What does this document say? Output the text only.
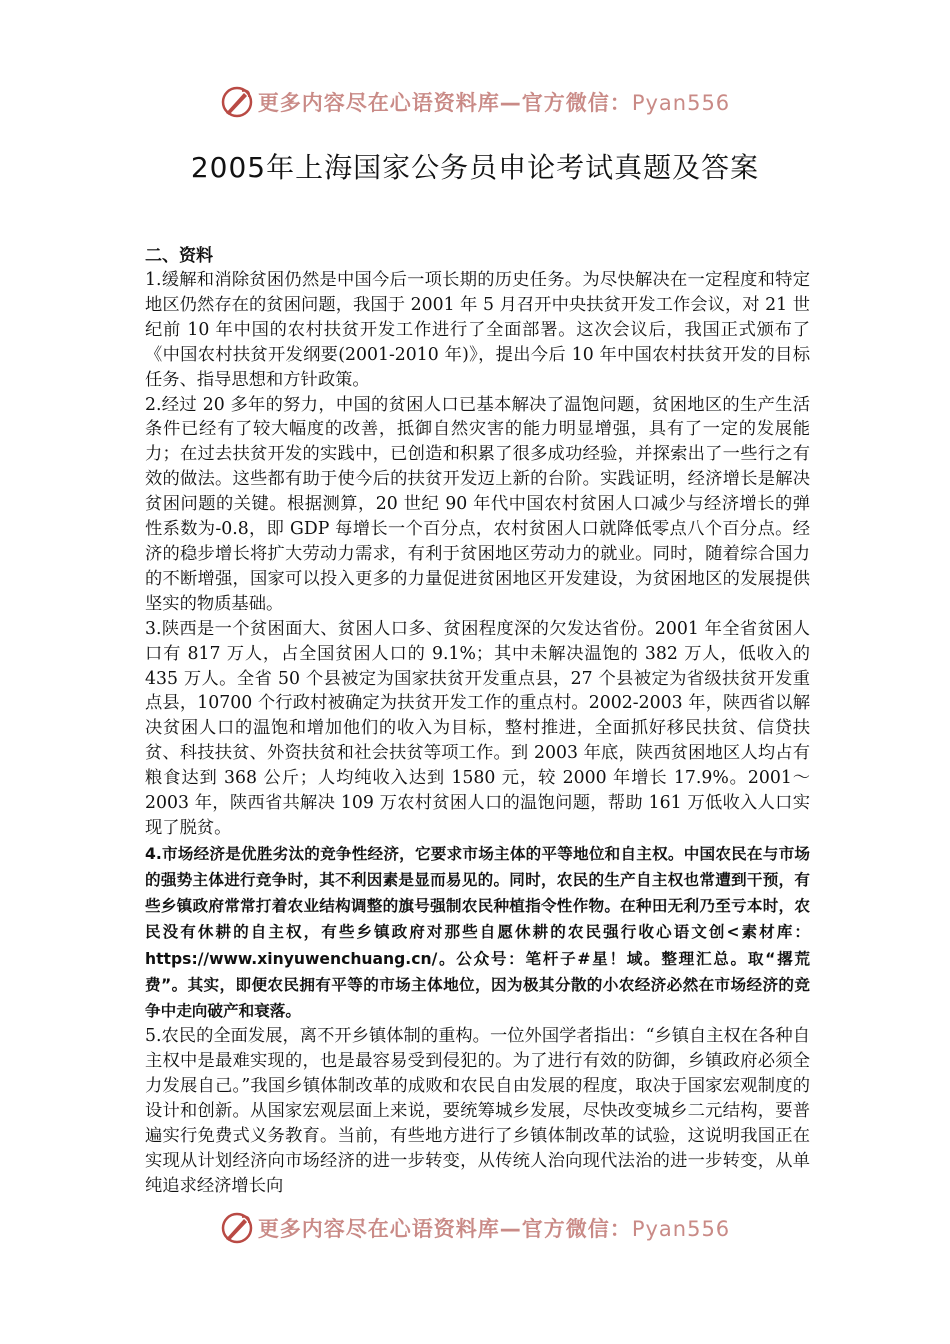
更多内容尽在心语资料库—官方微信：Pyan556
2005年上海国家公务员申论考试真题及答案

二、资料

1.缓解和消除贫困仍然是中国今后一项长期的历史任务。为尽快解决在一定程度和特定地区仍然存在的贫困问题，我国于 2001 年 5 月召开中央扶贫开发工作会议，对 21 世纪前 10 年中国的农村扶贫开发工作进行了全面部署。这次会议后，我国正式颁布了《中国农村扶贫开发纲要(2001-2010 年)》，提出今后 10 年中国农村扶贫开发的目标任务、指导思想和方针政策。

2.经过 20 多年的努力，中国的贫困人口已基本解决了温饱问题，贫困地区的生产生活条件已经有了较大幅度的改善，抵御自然灾害的能力明显增强，具有了一定的发展能力；在过去扶贫开发的实践中，已创造和积累了很多成功经验，并探索出了一些行之有效的做法。这些都有助于使今后的扶贫开发迈上新的台阶。实践证明，经济增长是解决贫困问题的关键。根据测算，20 世纪 90 年代中国农村贫困人口减少与经济增长的弹性系数为-0.8，即 GDP 每增长一个百分点，农村贫困人口就降低零点八个百分点。经济的稳步增长将扩大劳动力需求，有利于贫困地区劳动力的就业。同时，随着综合国力的不断增强，国家可以投入更多的力量促进贫困地区开发建设，为贫困地区的发展提供坚实的物质基础。

3.陕西是一个贫困面大、贫困人口多、贫困程度深的欠发达省份。2001 年全省贫困人口有 817 万人，占全国贫困人口的 9.1%；其中未解决温饱的 382 万人，低收入的 435 万人。全省 50 个县被定为国家扶贫开发重点县，27 个县被定为省级扶贫开发重点县，10700 个行政村被确定为扶贫开发工作的重点村。2002-2003 年，陕西省以解决贫困人口的温饱和增加他们的收入为目标，整村推进，全面抓好移民扶贫、信贷扶贫、科技扶贫、外资扶贫和社会扶贫等项工作。到 2003 年底，陕西贫困地区人均占有粮食达到 368 公斤；人均纯收入达到 1580 元，较 2000 年增长 17.9%。2001～2003 年，陕西省共解决 109 万农村贫困人口的温饱问题，帮助 161 万低收入人口实现了脱贫。

4.市场经济是优胜劣汰的竞争性经济，它要求市场主体的平等地位和自主权。中国农民在与市场的强势主体进行竞争时，其不利因素是显而易见的。同时，农民的生产自主权也常遭到干预，有些乡镇政府常常打着农业结构调整的旗号强制农民种植指令性作物。在种田无利乃至亏本时，农民没有休耕的自主权，有些乡镇政府对那些自愿休耕的农民强行收心语文创<素材库：https://www.xinyuwenchuang.cn/。公众号：笔杆子#星！域。整理汇总。取“撂荒费”。其实，即便农民拥有平等的市场主体地位，因为极其分散的小农经济必然在市场经济的竞争中走向破产和衰落。

5.农民的全面发展，离不开乡镇体制的重构。一位外国学者指出：“乡镇自主权在各种自主权中是最难实现的，也是最容易受到侵犯的。为了进行有效的防御，乡镇政府必须全力发展自己。”我国乡镇体制改革的成败和农民自由发展的程度，取决于国家宏观制度的设计和创新。从国家宏观层面上来说，要统筹城乡发展，尽快改变城乡二元结构，要普遍实行免费式义务教育。当前，有些地方进行了乡镇体制改革的试验，这说明我国正在实现从计划经济向市场经济的进一步转变，从传统人治向现代法治的进一步转变，从单纯追求经济增长向

更多内容尽在心语资料库—官方微信：Pyan556
